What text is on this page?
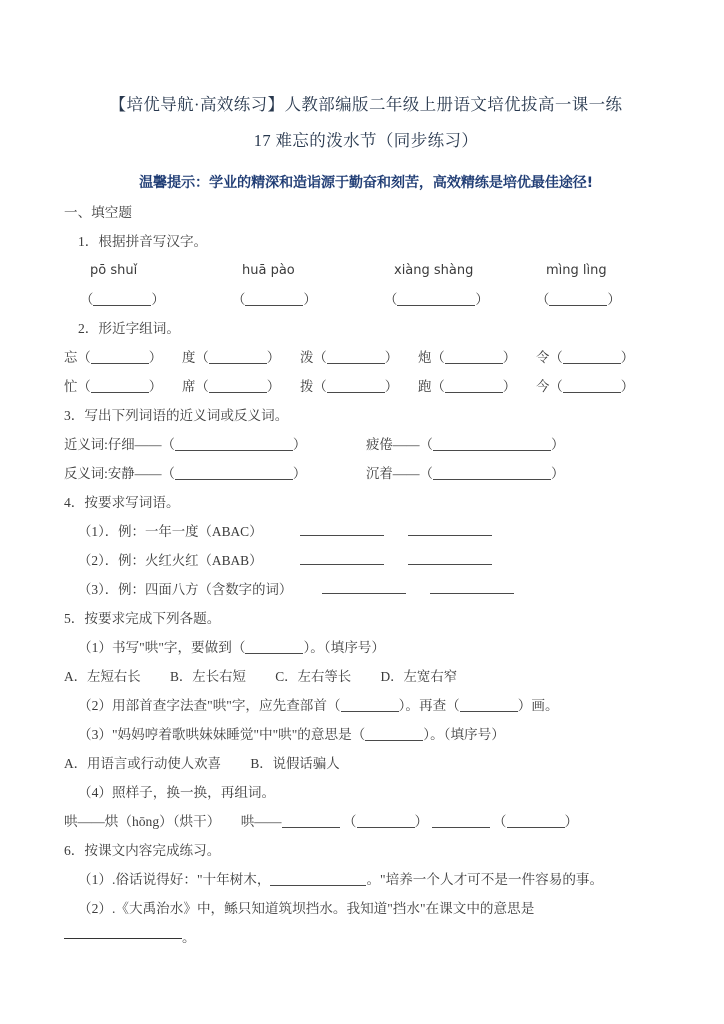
【培优导航·高效练习】人教部编版二年级上册语文培优拔高一课一练
17 难忘的泼水节（同步练习）
温馨提示：学业的精深和造诣源于勤奋和刻苦，高效精练是培优最佳途径!
一、填空题
1．根据拼音写汉字。
pō shuǐ	huā pào	xiàng shàng	mìng lìng
（	）	（	）	（	）	（	）
2．形近字组词。
忘（	）	度（	）	泼（	）	炮（	）	令（	）
忙（	）	席（	）	拨（	）	跑（	）	今（	）
3．写出下列词语的近义词或反义词。
近义词:仔细——（	）	疲倦——（	）
反义词:安静——（	）	沉着——（	）
4．按要求写词语。
（1）．例：一年一度（ABAC）
（2）．例：火红火红（ABAB）
（3）．例：四面八方（含数字的词）
5．按要求完成下列各题。
（1）书写"哄"字，要做到（	）。（填序号）
A．左短右长 B．左长右短 C．左右等长 D．左宽右窄
（2）用部首查字法查"哄"字，应先查部首（	）。再查（	）画。
（3）"妈妈哼着歌哄妹妹睡觉"中"哄"的意思是（	）。（填序号）
A．用语言或行动使人欢喜 B．说假话骗人
（4）照样子，换一换，再组词。
哄——烘（hōng）（烘干） 哄——	（	）	（	）
6．按课文内容完成练习。
（1）.俗话说得好："十年树木，	。"培养一个人才可不是一件容易的事。
（2）.《大禹治水》中，鲧只知道筑坝挡水。我知道"挡水"在课文中的意思是
。
